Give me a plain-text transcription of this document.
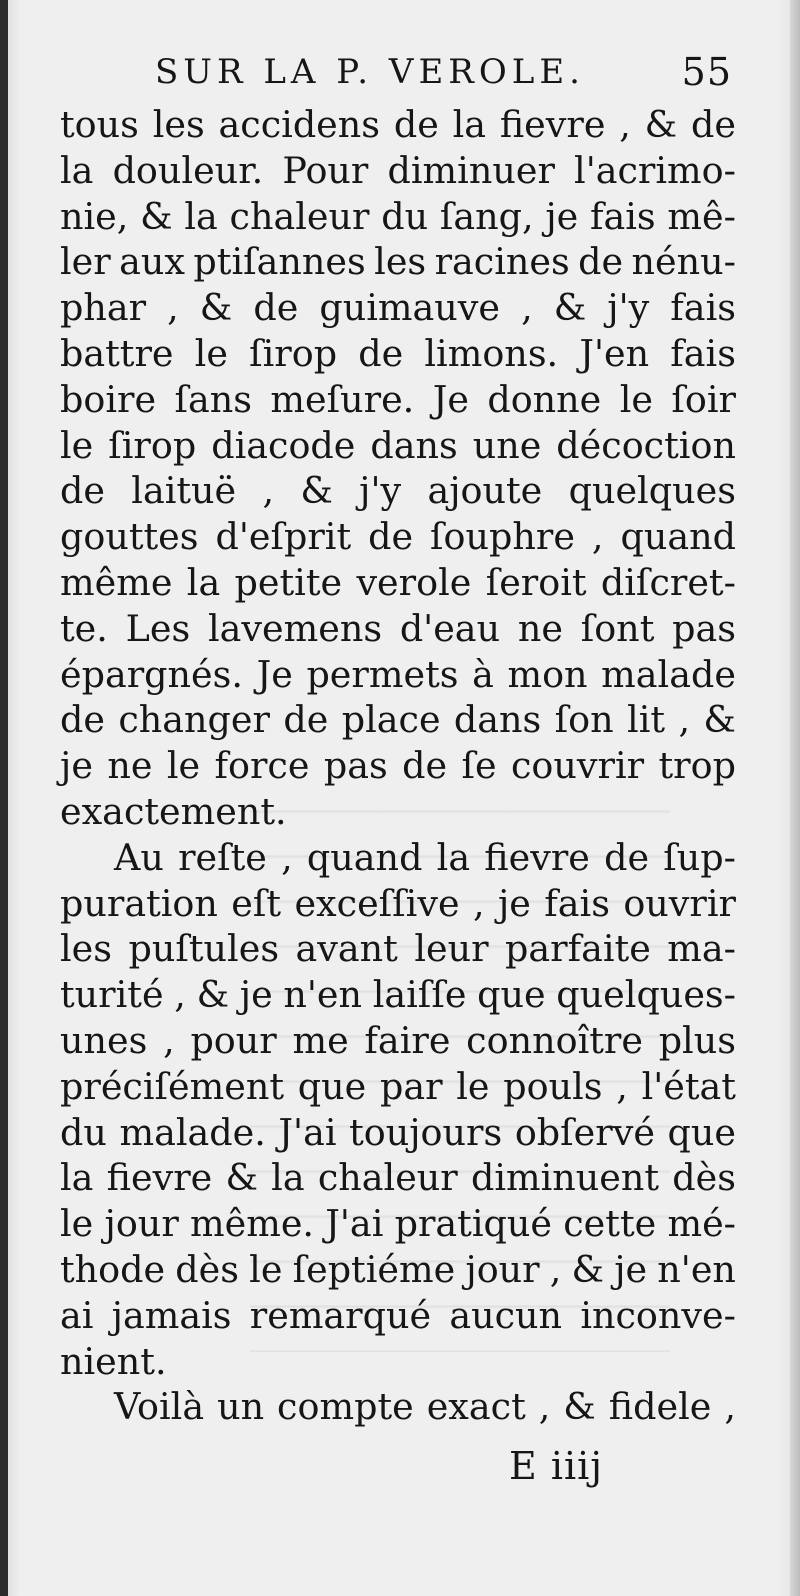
SUR LA P. VEROLE.	55
tous les accidens de la fievre , & de
la douleur. Pour diminuer l'acrimo-
nie, & la chaleur du ſang, je fais mê-
ler aux ptiſannes les racines de nénu-
phar , & de guimauve , & j'y fais
battre le ſirop de limons. J'en fais
boire ſans meſure. Je donne le ſoir
le ſirop diacode dans une décoction
de laituë , & j'y ajoute quelques
gouttes d'eſprit de ſouphre , quand
même la petite verole ſeroit diſcret-
te. Les lavemens d'eau ne ſont pas
épargnés. Je permets à mon malade
de changer de place dans ſon lit , &
je ne le force pas de ſe couvrir trop
exactement.
Au reſte , quand la fievre de ſup-
puration eſt exceſſive , je fais ouvrir
les puſtules avant leur parfaite ma-
turité , & je n'en laiſſe que quelques-
unes , pour me faire connoître plus
préciſément que par le pouls , l'état
du malade. J'ai toujours obſervé que
la fievre & la chaleur diminuent dès
le jour même. J'ai pratiqué cette mé-
thode dès le ſeptiéme jour , & je n'en
ai jamais remarqué aucun inconve-
nient.
Voilà un compte exact , & fidele ,
E iiij
